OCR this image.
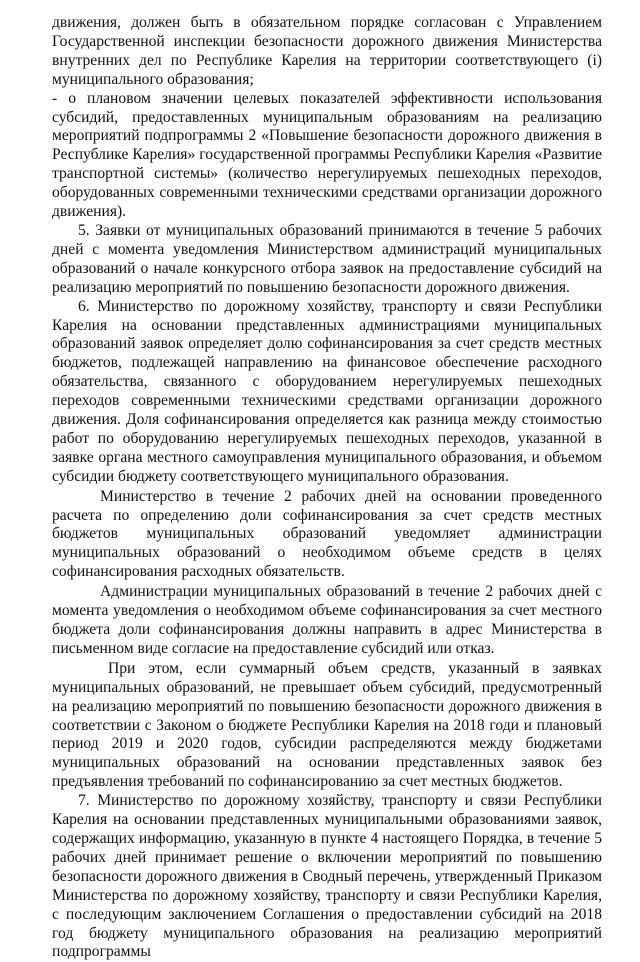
движения, должен быть в обязательном порядке согласован с Управлением Государственной инспекции безопасности дорожного движения Министерства внутренних дел по Республике Карелия на территории соответствующего (i) муниципального образования;

- о плановом значении целевых показателей эффективности использования субсидий, предоставленных муниципальным образованиям на реализацию мероприятий подпрограммы 2 «Повышение безопасности дорожного движения в Республике Карелия» государственной программы Республики Карелия «Развитие транспортной системы» (количество нерегулируемых пешеходных переходов, оборудованных современными техническими средствами организации дорожного движения).

5. Заявки от муниципальных образований принимаются в течение 5 рабочих дней с момента уведомления Министерством администраций муниципальных образований о начале конкурсного отбора заявок на предоставление субсидий на реализацию мероприятий по повышению безопасности дорожного движения.

6. Министерство по дорожному хозяйству, транспорту и связи Республики Карелия на основании представленных администрациями муниципальных образований заявок определяет долю софинансирования за счет средств местных бюджетов, подлежащей направлению на финансовое обеспечение расходного обязательства, связанного с оборудованием нерегулируемых пешеходных переходов современными техническими средствами организации дорожного движения. Доля софинансирования определяется как разница между стоимостью работ по оборудованию нерегулируемых пешеходных переходов, указанной в заявке органа местного самоуправления муниципального образования, и объемом субсидии бюджету соответствующего муниципального образования.

Министерство в течение 2 рабочих дней на основании проведенного расчета по определению доли софинансирования за счет средств местных бюджетов муниципальных образований уведомляет администрации муниципальных образований о необходимом объеме средств в целях софинансирования расходных обязательств.

Администрации муниципальных образований в течение 2 рабочих дней с момента уведомления о необходимом объеме софинансирования за счет местного бюджета доли софинансирования должны направить в адрес Министерства в письменном виде согласие на предоставление субсидий или отказ.

При этом, если суммарный объем средств, указанный в заявках муниципальных образований, не превышает объем субсидий, предусмотренный на реализацию мероприятий по повышению безопасности дорожного движения в соответствии с Законом о бюджете Республики Карелия на 2018 годи и плановый период 2019 и 2020 годов, субсидии распределяются между бюджетами муниципальных образований на основании представленных заявок без предъявления требований по софинансированию за счет местных бюджетов.

7. Министерство по дорожному хозяйству, транспорту и связи Республики Карелия на основании представленных муниципальными образованиями заявок, содержащих информацию, указанную в пункте 4 настоящего Порядка, в течение 5 рабочих дней принимает решение о включении мероприятий по повышению безопасности дорожного движения в Сводный перечень, утвержденный Приказом Министерства по дорожному хозяйству, транспорту и связи Республики Карелия, с последующим заключением Соглашения о предоставлении субсидий на 2018 год бюджету муниципального образования на реализацию мероприятий подпрограммы
